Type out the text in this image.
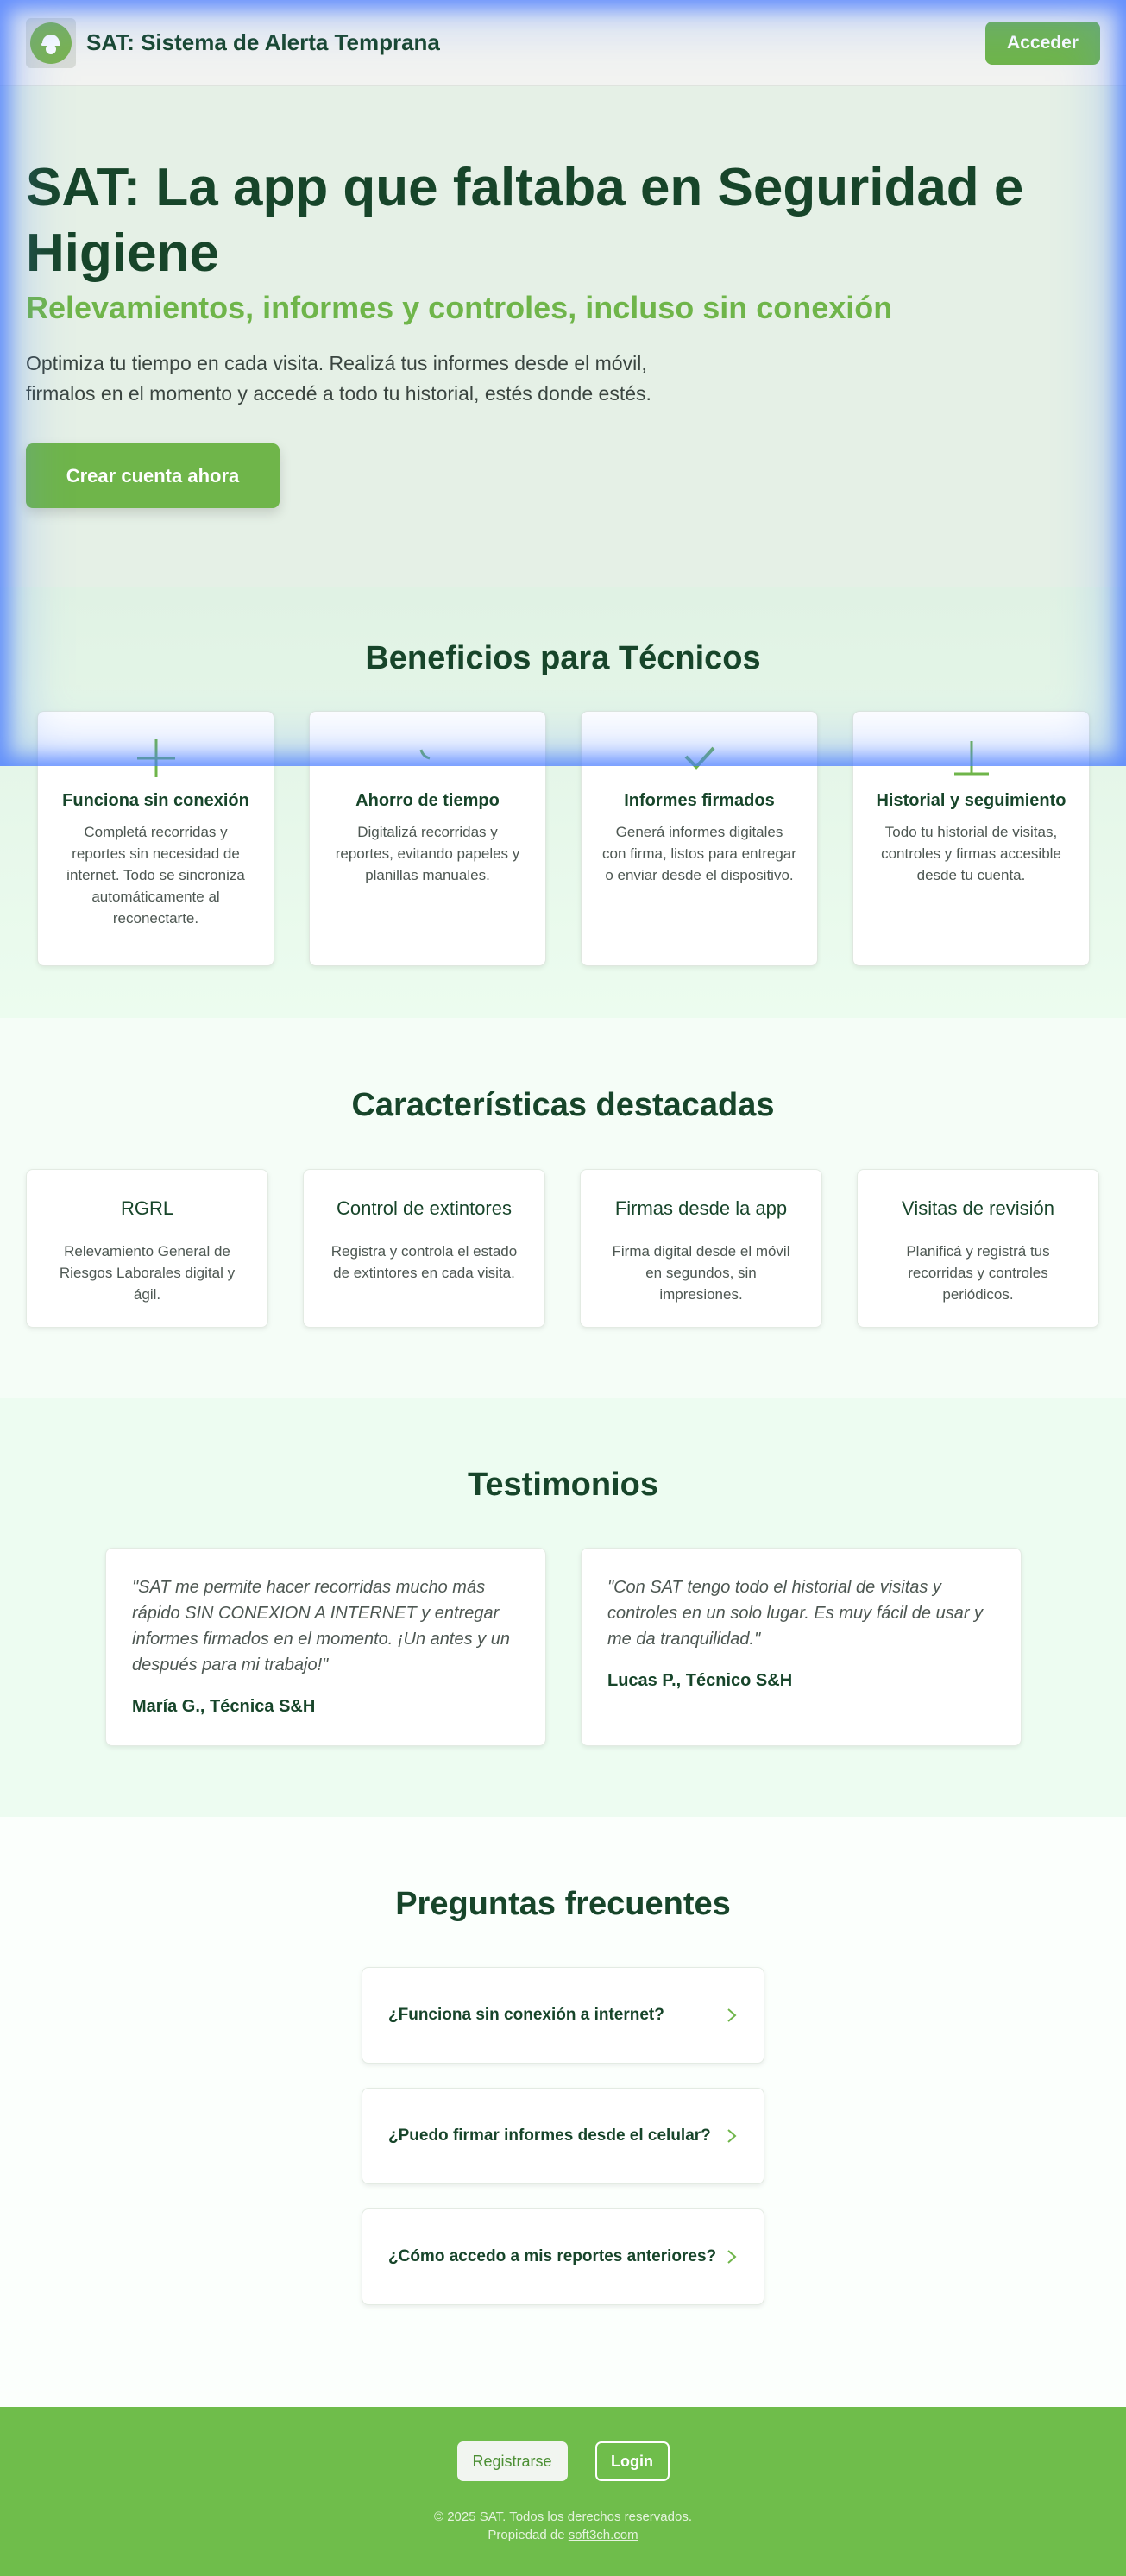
SAT: Sistema de Alerta Temprana	Acceder
SAT: La app que faltaba en Seguridad e Higiene
Relevamientos, informes y controles, incluso sin conexión

Optimiza tu tiempo en cada visita. Realizá tus informes desde el móvil,
firmalos en el momento y accedé a todo tu historial, estés donde estés.

Crear cuenta ahora
Beneficios para Técnicos
Funciona sin conexión
Completá recorridas y reportes sin necesidad de internet. Todo se sincroniza automáticamente al reconectarte.
Ahorro de tiempo
Digitalizá recorridas y reportes, evitando papeles y planillas manuales.
Informes firmados
Generá informes digitales con firma, listos para entregar o enviar desde el dispositivo.
Historial y seguimiento
Todo tu historial de visitas, controles y firmas accesible desde tu cuenta.
Características destacadas
RGRL
Relevamiento General de Riesgos Laborales digital y ágil.
Control de extintores
Registra y controla el estado de extintores en cada visita.
Firmas desde la app
Firma digital desde el móvil en segundos, sin impresiones.
Visitas de revisión
Planificá y registrá tus recorridas y controles periódicos.
Testimonios

"SAT me permite hacer recorridas mucho más rápido SIN CONEXION A INTERNET y entregar informes firmados en el momento. ¡Un antes y un después para mi trabajo!"

María G., Técnica S&H

"Con SAT tengo todo el historial de visitas y controles en un solo lugar. Es muy fácil de usar y me da tranquilidad."

Lucas P., Técnico S&H
Preguntas frecuentes
¿Funciona sin conexión a internet?
¿Puedo firmar informes desde el celular?
¿Cómo accedo a mis reportes anteriores?
Registrarse	Login
© 2025 SAT. Todos los derechos reservados.
Propiedad de soft3ch.com
